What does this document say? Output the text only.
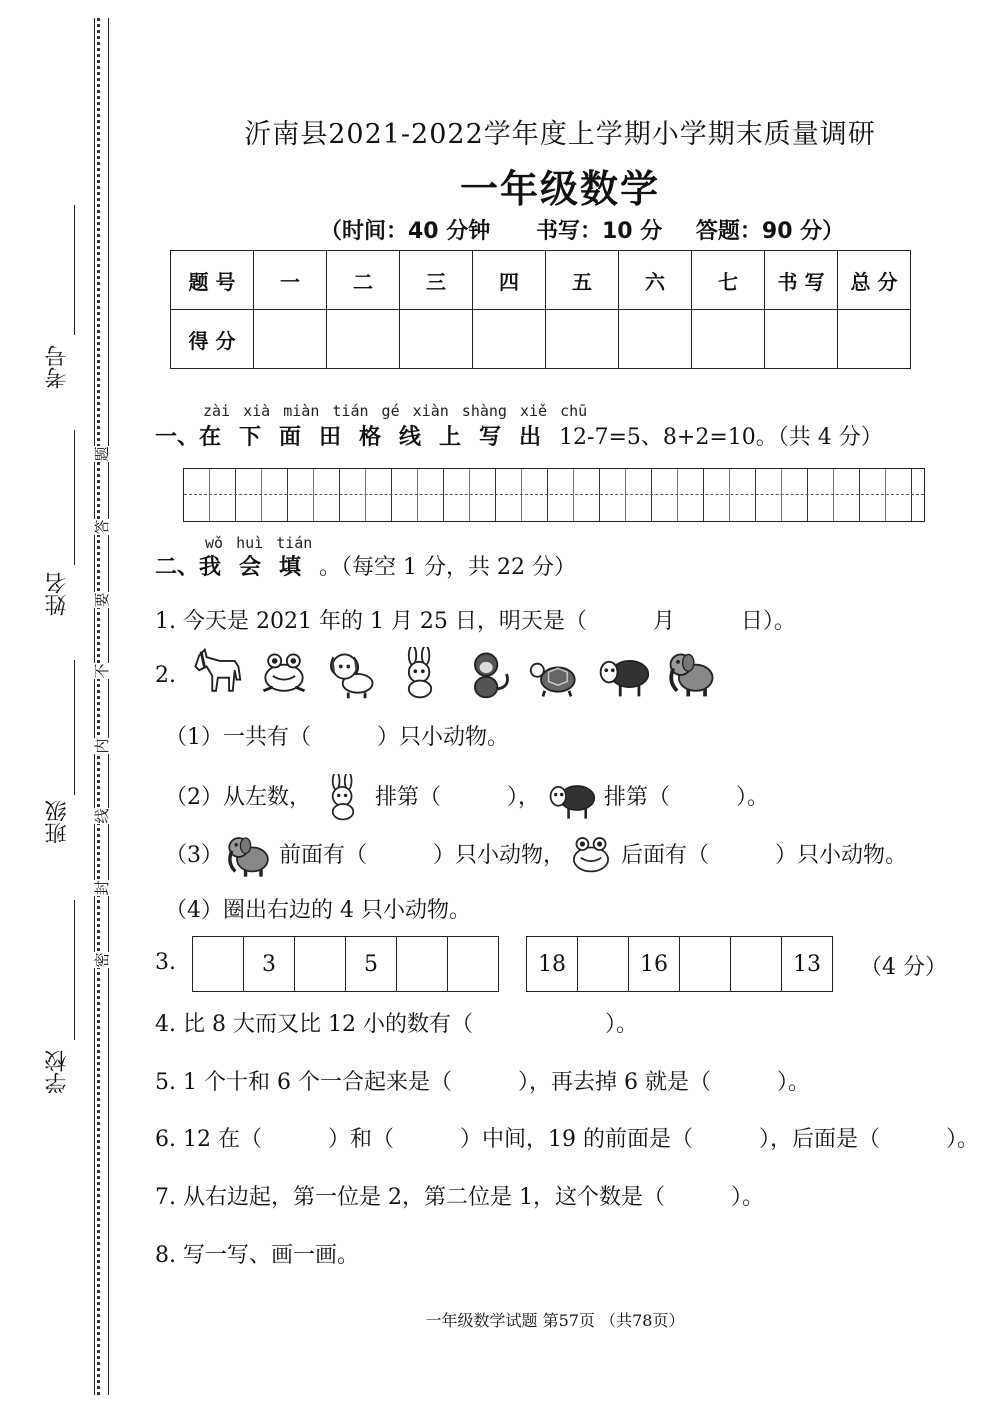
考号
姓名
班级
学校
题
答
要
不
内
线
封
密
沂南县2021-2022学年度上学期小学期末质量调研
一年级数学
（时间：40 分钟 书写：10 分 答题：90 分）
题 号	一	二	三	四	五	六	七	书 写	总 分
得 分									
zài xià miàn tián gé xiàn shàng xiě chū
一、在下面田格线上写出12-7=5、8+2=10。（共 4 分）
wǒ huì tián
二、我会填。（每空 1 分，共 22 分）
1. 今天是 2021 年的 1 月 25 日，明天是（　　　月　　　日）。
2.
（1）一共有（　　　）只小动物。
（2）从左数，	排第（　　　），	排第（　　　）。
（3）	前面有（　　　）只小动物，	后面有（　　　）只小动物。
（4）圈出右边的 4 只小动物。
3.
		3		5			18		16			13 （4 分）
4. 比 8 大而又比 12 小的数有（　　　　　　）。
5. 1 个十和 6 个一合起来是（　　　），再去掉 6 就是（　　　）。
6. 12 在（　　　）和（　　　）中间，19 的前面是（　　　），后面是（　　　）。
7. 从右边起，第一位是 2，第二位是 1，这个数是（　　　）。
8. 写一写、画一画。
一年级数学试题 第57页 （共78页）
